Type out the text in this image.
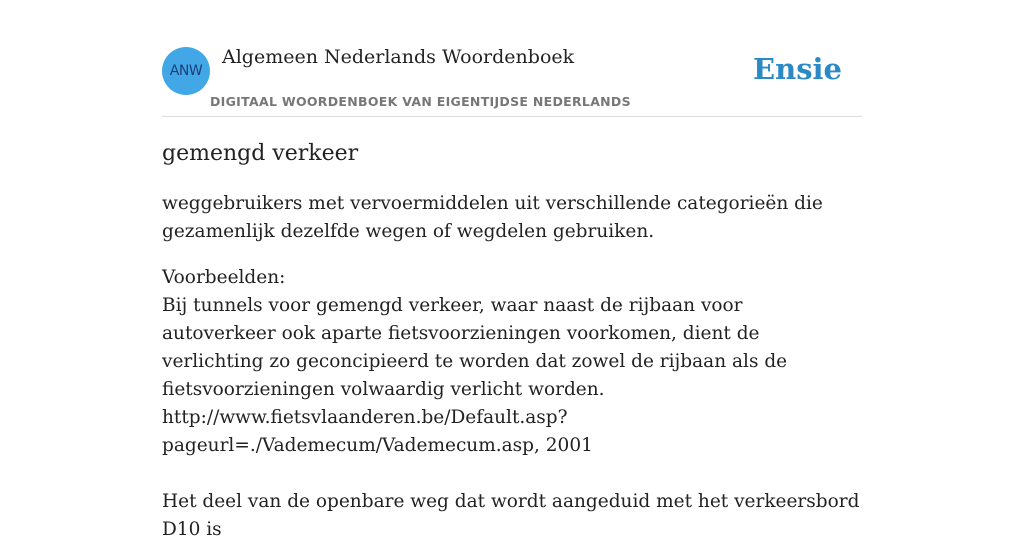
ANW
Algemeen Nederlands Woordenboek
DIGITAAL WOORDENBOEK VAN EIGENTIJDSE NEDERLANDS
Ensie
gemengd verkeer

weggebruikers met vervoermiddelen uit verschillende categorieën die gezamenlijk dezelfde wegen of wegdelen gebruiken.

Voorbeelden:

Bij tunnels voor gemengd verkeer, waar naast de rijbaan voor autoverkeer ook aparte fietsvoorzieningen voorkomen, dient de verlichting zo geconcipieerd te worden dat zowel de rijbaan als de fietsvoorzieningen volwaardig verlicht worden.

http://www.fietsvlaanderen.be/Default.asp?

pageurl=./Vademecum/Vademecum.asp, 2001

Het deel van de openbare weg dat wordt aangeduid met het verkeersbord D10 is
